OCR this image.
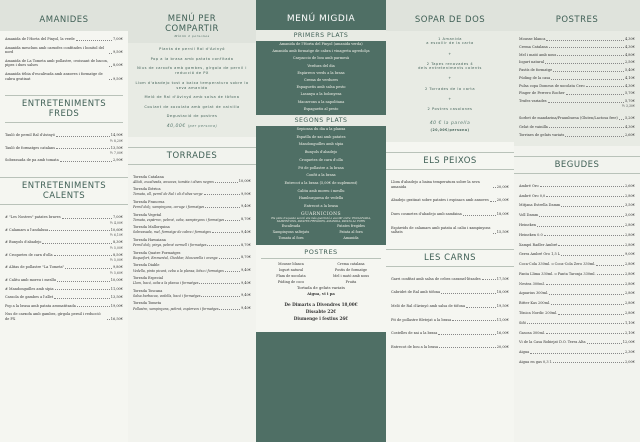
AMANIDES
Amanida de l'Horta del Pinyol, la verde	7,00€
Amanida mesclum amb carxofes confitades i bonitol del nord	9,50€
Amanida de La Tometa amb pollastre, croissant de bacon, pipes i dues salses	8,00€
Amanida tèbia d'escalivada amb anxoves i formatge de cabra gratinat	9,50€
ENTRETENIMENTS FREDS
Tauló de pernil Ral d'Avinyó	14,90€
½ 8,20€
Tauló de formatges catalans	13,50€
½ 7,00€
Sobrassada de pa amb tomata	2,90€
ENTRETENIMENTS CALENTS
# "Les Nostres" patates braves	7,00€
½ 4,00€
# Calamars a l'andalusa	10,60€
½ 6,10€
# Bunyols d'abadejo	8,30€
½ 5,00€
# Croquetes de carn d'olla	8,50€
½ 5,00€
# Alitas de pollastre "La Tometa"	9,80€
½ 5,60€
# Calitu amb moreu i mesllu	10,00€
# Mandonguilles amb sípia	11,00€
Cassola de gambes a l'allet	13,50€
Pop a la brasa amb patata aromatitzada	19,00€
Nus de carxofa amb gambes, gírgola pernil i reducció de PX	16,50€
MENÚ PER COMPARTIR
Mínim 2 persones
Planta de pernil Ral d'Avinyó
Pop a la brasa amb patata confitada
Nius de carxofa amb gambes, gírgola de pernil i reducció de PX
Llom d'abadejo tost a baixa temperatura sobre la seva amanida
Meló de Ral d'Avinyó amb salsa de tòfona
Coulant de xocolata amb gelat de vainilla
Degustació de postres
40,00€ (per persona)
TORRADES
Torrada Catalana
Allioli, escalivada, anxoves, tomàta i olives negres	10,00€
Torrada Ibèrica
Tomata, all, pernil de Ral i oli d'oliva verge	9,90€
Torrada Francesa
Pernil dolç, xampinyons, ceruge i formatges	9,40€
Torrada Vegetal
Tomata, espàrrec, pebrot, ceba, xampinyons i formatges	8,70€
Torrada Mallorquina
Sobrassada, mel, formatge de cabra i formatges	9,40€
Torrada Hawaiana
Pernil dolç, pinya, pebrot vermell i formatges	8,70€
Torrada Quatre Formatges
Roquefort, Emmental, Cheddar, Mozzarella i orenga	8,70€
Torrada Diable
Vedella, pinto picant, ceba a la planxa, bitxo i formatges	9,40€
Torrada Especial
Llom, bacó, ceba a la planxa i formatges	9,40€
Torrada Toscana
Salsa barbacoa, vedella, bacó i formatges	9,40€
Torrada Tometa
Pollastre, xampinyons, pebrot, espàrrecs i formatges	9,40€
MENÚ MIGDIA
PRIMERS PLATS
Amanida de l'Horta del Pinyol (amanida verda)
Amanida amb formatge de cabra i vinagreta agredolça
Carpaccio de bou amb parmesà
Verdura del dia
Espàrrecs verds a la brasa
Crema de verdures
Espaguetis amb salsa pesto
Lasanya a la bolonyesa
Macarrons a la napolitana
Espaguetis al pesto
SEGONS PLATS
Sepionsa du dia a la planxa
Espatlla de xai amb patates
Mandonguilles amb sípia
Bunyols d'abadejo
Croquetes de carn d'olla
Pit de pollastre a la brasa
Confit a la brasa
Entrecot a la brasa (5,00€ de suplement)
Calitu amb moreu i mesllu
Hamburguesa de vedella
Entrecot a la brasa
GUARNICIONS
Els plats d'aquesta secció ens més guarnició a escollir entre: ESCALIVADA, XAMPINYONS, PATATES FREGIDES, AMANIDA, PATATA AL FORN
Escalivada	Patates fregides
Xampinyons saltejats	Patata al forn
Tomata al forn	Amanida
POSTRES
Mousse blanca	Crema catalana
Iogurt natural	Postis de formatge
Flam de xocolata	Mel i mató amb nous
Púding de coco	Fruita
Tortada de gelats variats
Aigua, vi i pa
De Dimarts a Divendres 18,00€
Dissabte 22€
Diumenge i festius 26€
SOPAR DE DOS
1 Amanida
a escollir de la carta
+
2 Tapes renovades 4
dels entreteniments calents
+
2 Torrades de la carta
+
2 Postres casolanes
40 € la parella
(20,00€/persona)
ELS PEIXOS
Llom d'abadejo a baixa temperatura sobre la seva amanida	20,00€
Abadejo gratinat sobre patates i espinacs amb anxoves 20,00€
Dues cosmetes d'abadejo amb samfaina	18,00€
Espàrrids de calamars amb patata al caliu i xampinyons saltats	15,50€
LES CARNS
Garri confitat amb salsa de cebes caramel·litzades	17,50€
Cabridet de Ral amb tòfona	18,00€
Meló de Ral d'Avinyó amb salsa de tòfona	19,50€
Pit de pollastre filetejat a la brasa	11,00€
Costelles de xai a la brasa	16,00€
Entrecot de bou a la brasa	20,00€
POSTRES
Mousse blanca	4,30€
Crema Catalana	4,30€
Mel i mató amb nous	4,80€
Iogurt natural	2,50€
Pastís de formatge	5,40€
Púding de la casa	4,10€
Pulsa copa Domeus de xocolata Cero	4,30€
Finger de Ferrero Rocher	5,70€
Trufes variades	5,70€
½ 3,30€
Sorbet de mandarina/Fraunbuesa (Gluten/Lactosa free) 5,20€
Gelat de vainilla	4,30€
Torrines de gelats variats	2,60€
BEGUDES
Ambré Oro	2,60€
Ambré Oro 0,0	2,80€
Mitjana Estrella Damm	3,50€
Voll Damm	3,00€
Heineken	2,80€
Heineken 0.0	2,80€
Xampú Radler Ambré	2,80€
Gerra Ambré Oro 1,5 L	9,00€
Coca-Cola 330ml. o Coca-Cola Zero 330ml.	2,80€
Fanta Llima 330ml. o Fanta Taronja 330ml.	2,80€
Nestea 300ml.	2,80€
Aquarius 300ml.	2,80€
Bitter Kas 200ml.	2,80€
Tònica Nordic 200ml.	2,80€
Sifó	1,10€
Gasosa 300ml.	2,10€
Vi de la Casa Robiejat D.O. Terra Alta	12,00€
Aigua	2,30€
Aigua en gas 0,3 l.	2,00€
